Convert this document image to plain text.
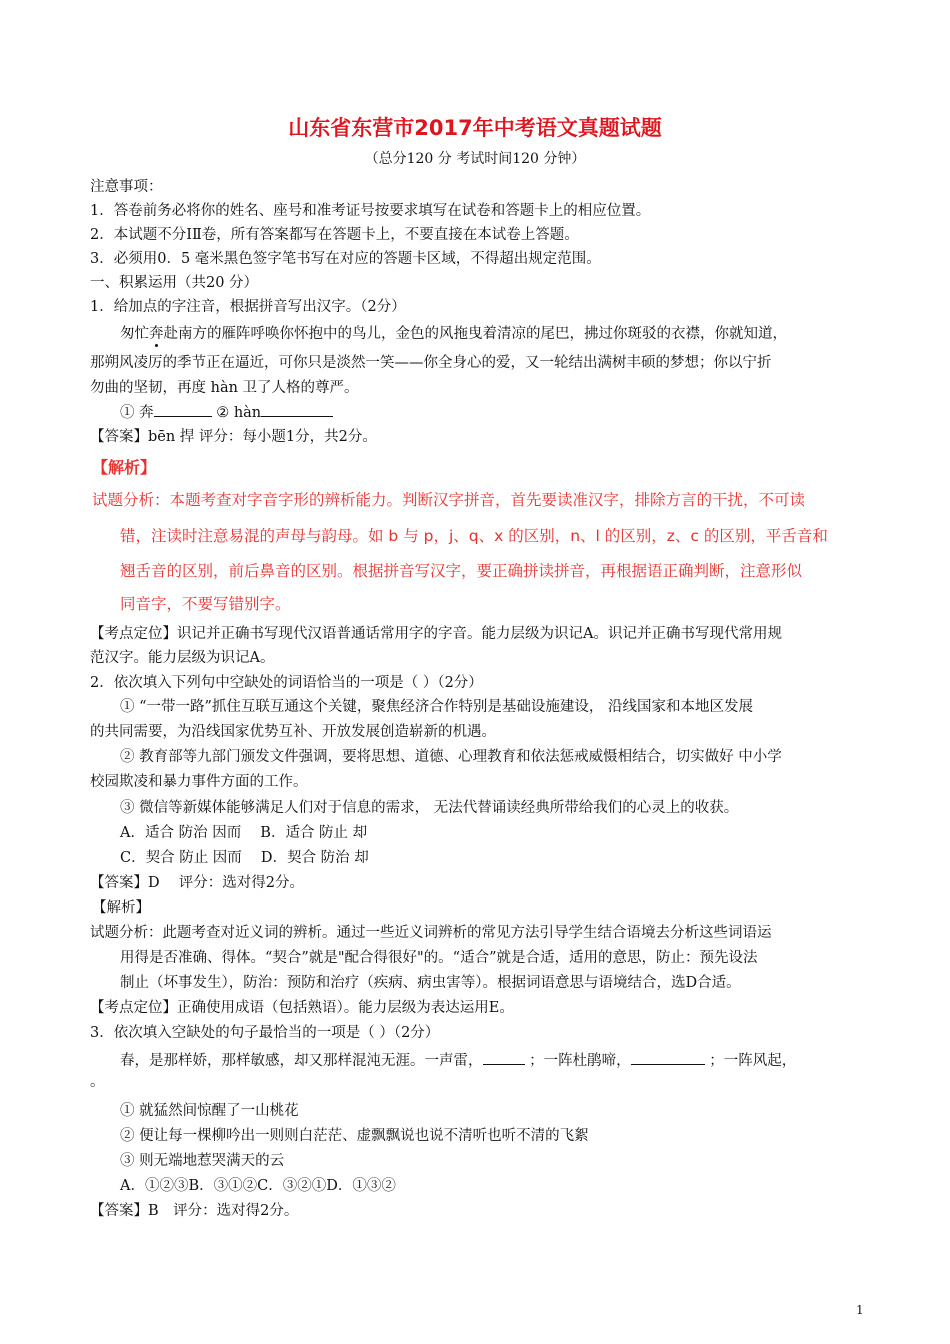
山东省东营市2017年中考语文真题试题
（总分120 分 考试时间120 分钟）
注意事项：
1．答卷前务必将你的姓名、座号和准考证号按要求填写在试卷和答题卡上的相应位置。
2．本试题不分ⅠⅡ卷，所有答案都写在答题卡上，不要直接在本试卷上答题。
3．必须用0．5 毫米黑色签字笔书写在对应的答题卡区域，不得超出规定范围。
一、积累运用（共20 分）
1．给加点的字注音，根据拼音写出汉字。（2分）
匆忙奔赴南方的雁阵呼唤你怀抱中的鸟儿，金色的风拖曳着清凉的尾巴，拂过你斑驳的衣襟，你就知道，
那朔风凌厉的季节正在逼近，可你只是淡然一笑——你全身心的爱，又一轮结出满树丰硕的梦想；你以宁折
勿曲的坚韧，再度 hàn 卫了人格的尊严。
① 奔	② hàn
【答案】bēn 捍 评分：每小题1分，共2分。
【解析】
试题分析：本题考查对字音字形的辨析能力。判断汉字拼音，首先要读准汉字，排除方言的干扰，不可读
错，注读时注意易混的声母与韵母。如 b 与 p，j、q、x 的区别，n、l 的区别，z、c 的区别，平舌音和
翘舌音的区别，前后鼻音的区别。根据拼音写汉字，要正确拼读拼音，再根据语正确判断，注意形似
同音字，不要写错别字。
【考点定位】识记并正确书写现代汉语普通话常用字的字音。能力层级为识记A。识记并正确书写现代常用规
范汉字。能力层级为识记A。
2．依次填入下列句中空缺处的词语恰当的一项是（ ）（2分）
① “一带一路”抓住互联互通这个关键，聚焦经济合作特别是基础设施建设， 沿线国家和本地区发展
的共同需要，为沿线国家优势互补、开放发展创造崭新的机遇。
② 教育部等九部门颁发文件强调，要将思想、道德、心理教育和依法惩戒威慑相结合，切实做好 中小学
校园欺凌和暴力事件方面的工作。
③ 微信等新媒体能够满足人们对于信息的需求， 无法代替诵读经典所带给我们的心灵上的收获。
A．适合 防治 因而 　B．适合 防止 却
C．契合 防止 因而 　D．契合 防治 却
【答案】D　 评分：选对得2分。
【解析】
试题分析：此题考查对近义词的辨析。通过一些近义词辨析的常见方法引导学生结合语境去分析这些词语运
用得是否准确、得体。“契合”就是"配合得很好"的。“适合”就是合适，适用的意思，防止：预先设法
制止（坏事发生），防治：预防和治疗（疾病、病虫害等）。根据词语意思与语境结合，选D合适。
【考点定位】正确使用成语（包括熟语）。能力层级为表达运用E。
3．依次填入空缺处的句子最恰当的一项是（ ）（2分）
春，是那样娇，那样敏感，却又那样混沌无涯。一声雷，	；一阵杜鹃啼，	；一阵风起，
。
① 就猛然间惊醒了一山桃花
② 便让每一棵柳吟出一则则白茫茫、虚飘飘说也说不清听也听不清的飞絮
③ 则无端地惹哭满天的云
A．①②③B．③①②C．③②①D．①③②
【答案】B　评分：选对得2分。
1
